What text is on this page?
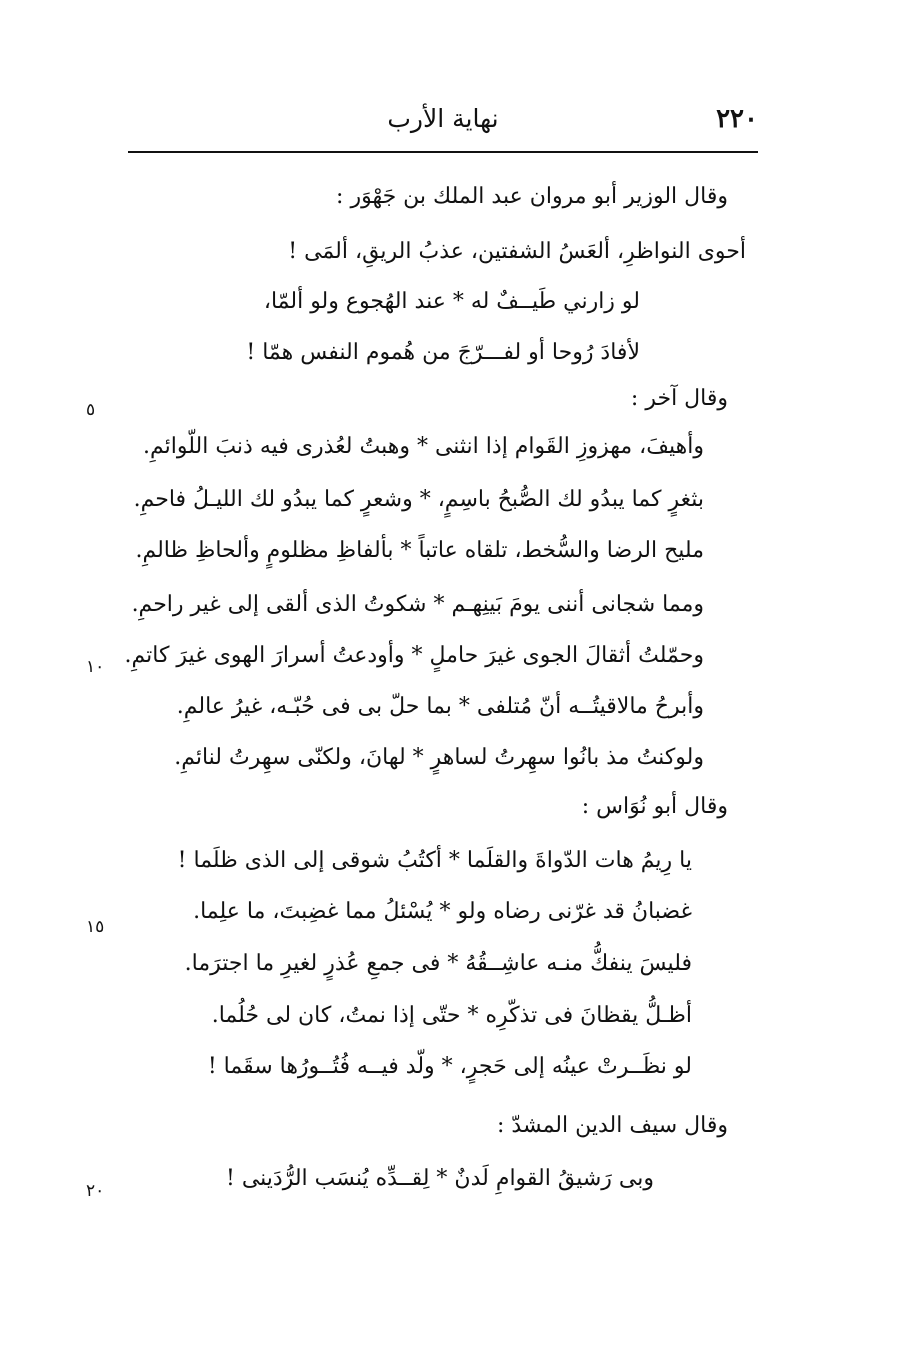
٢٢٠
نهاية الأرب
وقال الوزير أبو مروان عبد الملك بن جَهْوَر :
أحوى النواظرِ، ألعَسُ الشفتين، عذبُ الريقِ، ألمَى !
لو زارني طَيــفٌ له * عند الهُجوع ولو ألمّا،
لأفادَ رُوحا أو لفـــرّجَ من هُموم النفس همّا !
وقال آخر :
وأهيفَ، مهزوزِ القَوام إذا انثنى * وهبتُ لعُذرى فيه ذنبَ اللّوائمِ.
بثغرٍ كما يبدُو لك الصُّبحُ باسِمٍ، * وشعرٍ كما يبدُو لك الليـلُ فاحمِ.
مليح الرضا والسُّخط، تلقاه عاتباً * بألفاظِ مظلومٍ وألحاظِ ظالمِ.
ومما شجانى أننى يومَ بَينِهـم * شكوتُ الذى ألقى إلى غير راحمِ.
وحمّلتُ أثقالَ الجوى غيرَ حاملٍ * وأودعتُ أسرارَ الهوى غيرَ كاتمِ.
وأبرحُ مالاقيتُــه أنّ مُتلفى * بما حلّ بى فى حُبّـه، غيرُ عالمِ.
ولوكنتُ مذ بانُوا سهِرتُ لساهرٍ * لهانَ، ولكنّى سهِرتُ لنائمِ.
وقال أبو نُوَاس :
يا رِيمُ هات الدّواةَ والقلَما * أكتُبُ شوقى إلى الذى ظلَما !
غضبانُ قد غرّنى رضاه ولو * يُسْئلُ مما غضِبتَ، ما علِما.
فليسَ ينفكُّ منـه عاشِــقُهُ * فى جمعِ عُذرٍ لغيرِ ما اجترَما.
أظـلُّ يقظانَ فى تذكّرِه * حتّى إذا نمتُ، كان لى حُلُما.
لو نظَــرتْ عينُه إلى حَجرٍ، * ولّد فيــه فُتُــورُها سقَما !
وقال سيف الدين المشدّ :
وبى رَشيقُ القوامِ لَدنٌ * لِقــدِّه يُنسَب الرُّدَينى !
٥
١٠
١٥
٢٠
